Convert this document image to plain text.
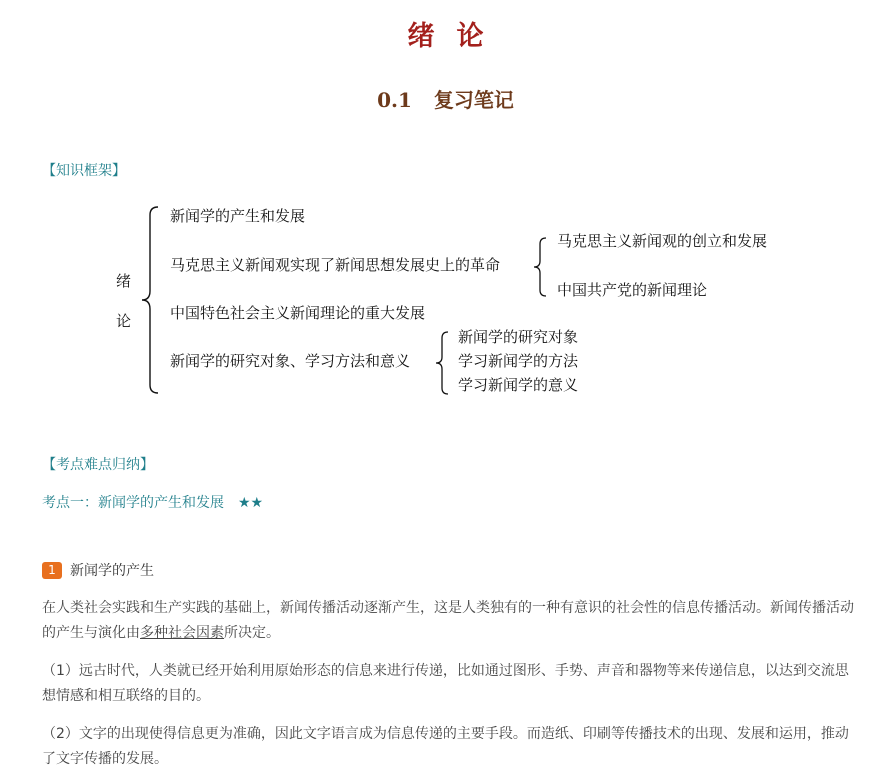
绪论
0.1 复习笔记
【知识框架】
绪
论
新闻学的产生和发展
马克思主义新闻观实现了新闻思想发展史上的革命
中国特色社会主义新闻理论的重大发展
新闻学的研究对象、学习方法和意义
马克思主义新闻观的创立和发展
中国共产党的新闻理论
新闻学的研究对象
学习新闻学的方法
学习新闻学的意义
【考点难点归纳】
考点一：新闻学的产生和发展 ★★
1	新闻学的产生
在人类社会实践和生产实践的基础上，新闻传播活动逐渐产生，这是人类独有的一种有意识的社会性的信息传播活动。新闻传播活动的产生与演化由多种社会因素所决定。
（1）远古时代，人类就已经开始利用原始形态的信息来进行传递，比如通过图形、手势、声音和器物等来传递信息，以达到交流思想情感和相互联络的目的。
（2）文字的出现使得信息更为准确，因此文字语言成为信息传递的主要手段。而造纸、印刷等传播技术的出现、发展和运用，推动了文字传播的发展。
